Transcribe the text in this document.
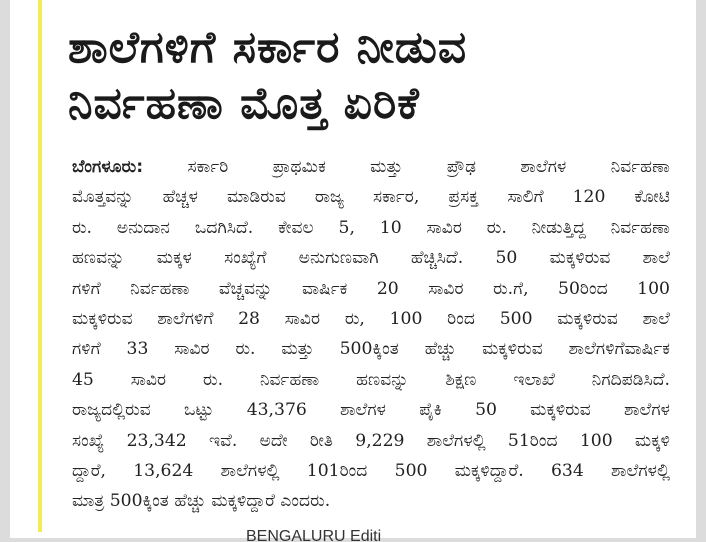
ಶಾಲೆಗಳಿಗೆ ಸರ್ಕಾರ ನೀಡುವ
ನಿರ್ವಹಣಾ ಮೊತ್ತ ಏರಿಕೆ
ಬೆಂಗಳೂರು:	ಸರ್ಕಾರಿ ಪ್ರಾಥಮಿಕ ಮತ್ತು ಪ್ರೌಢ ಶಾಲೆಗಳ ನಿರ್ವಹಣಾ
ಮೊತ್ತವನ್ನು ಹೆಚ್ಚಳ ಮಾಡಿರುವ ರಾಜ್ಯ ಸರ್ಕಾರ, ಪ್ರಸಕ್ತ ಸಾಲಿಗೆ 120 ಕೋಟಿ
ರು. ಅನುದಾನ ಒದಗಿಸಿದೆ. ಕೇವಲ 5, 10 ಸಾವಿರ ರು. ನೀಡುತ್ತಿದ್ದ ನಿರ್ವಹಣಾ
ಹಣವನ್ನು ಮಕ್ಕಳ ಸಂಖ್ಯೆಗೆ ಅನುಗುಣವಾಗಿ ಹೆಚ್ಚಿಸಿದೆ. 50 ಮಕ್ಕಳಿರುವ ಶಾಲೆ
ಗಳಿಗೆ ನಿರ್ವಹಣಾ ವೆಚ್ಚವನ್ನು ವಾರ್ಷಿಕ 20 ಸಾವಿರ ರು.ಗೆ, 50ರಿಂದ 100
ಮಕ್ಕಳಿರುವ ಶಾಲೆಗಳಿಗೆ 28 ಸಾವಿರ ರು, 100 ರಿಂದ 500 ಮಕ್ಕಳಿರುವ ಶಾಲೆ
ಗಳಿಗೆ 33 ಸಾವಿರ ರು. ಮತ್ತು 500ಕ್ಕಿಂತ ಹೆಚ್ಚು ಮಕ್ಕಳಿರುವ ಶಾಲೆಗಳಿಗೆವಾರ್ಷಿಕ
45 ಸಾವಿರ ರು. ನಿರ್ವಹಣಾ ಹಣವನ್ನು ಶಿಕ್ಷಣ ಇಲಾಖೆ ನಿಗದಿಪಡಿಸಿದೆ.
ರಾಜ್ಯದಲ್ಲಿರುವ ಒಟ್ಟು 43,376 ಶಾಲೆಗಳ ಪೈಕಿ 50 ಮಕ್ಕಳಿರುವ ಶಾಲೆಗಳ
ಸಂಖ್ಯೆ 23,342 ಇವೆ. ಅದೇ ರೀತಿ 9,229 ಶಾಲೆಗಳಲ್ಲಿ 51ರಿಂದ 100 ಮಕ್ಕಳಿ
ದ್ದಾರೆ, 13,624 ಶಾಲೆಗಳಲ್ಲಿ 101ರಿಂದ 500 ಮಕ್ಕಳಿದ್ದಾರೆ. 634 ಶಾಲೆಗಳಲ್ಲಿ
ಮಾತ್ರ 500ಕ್ಕಿಂತ ಹೆಚ್ಚು ಮಕ್ಕಳಿದ್ದಾರೆ ಎಂದರು.
BENGALURU Editi
